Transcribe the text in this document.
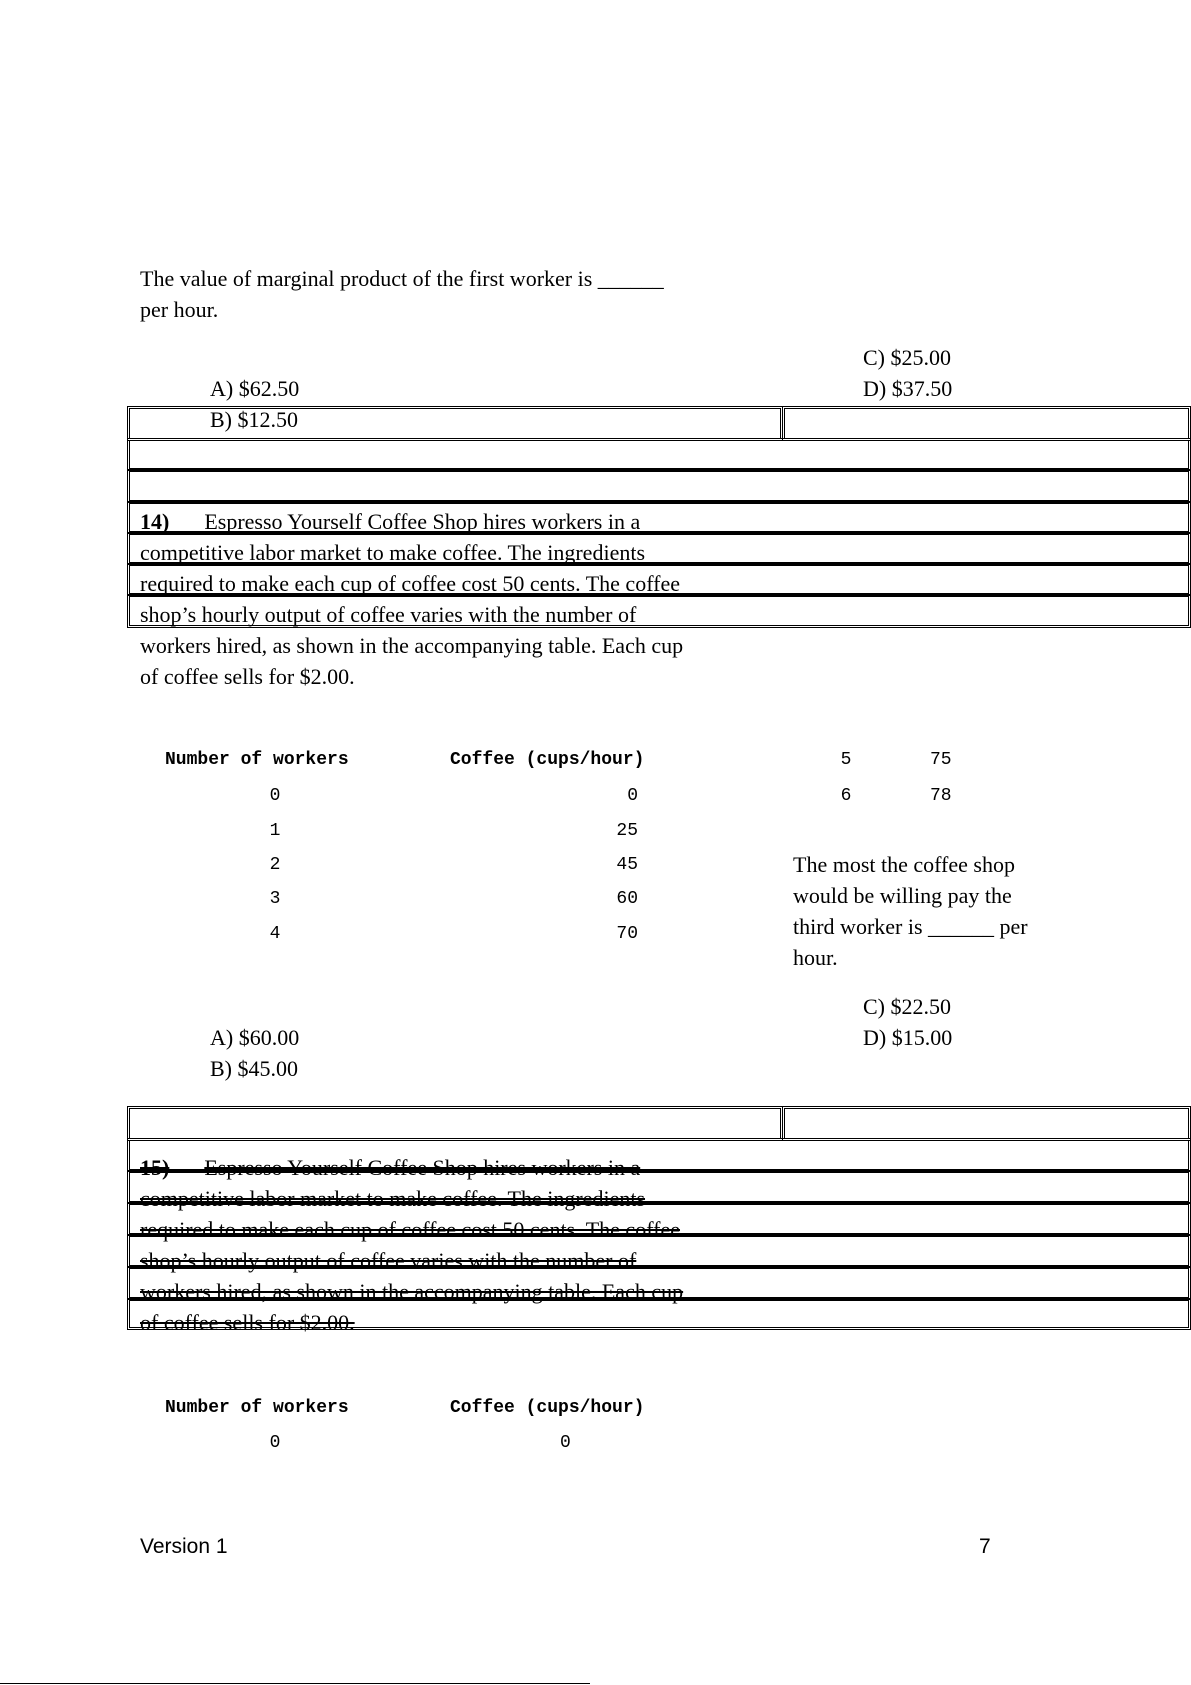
The value of marginal product of the first worker is ______
per hour.
C) $25.00
D) $37.50
A) $62.50
B) $12.50
14) Espresso Yourself Coffee Shop hires workers in a
competitive labor market to make coffee. The ingredients
required to make each cup of coffee cost 50 cents. The coffee
shop’s hourly output of coffee varies with the number of
workers hired, as shown in the accompanying table. Each cup
of coffee sells for $2.00.
Number of workers	Coffee (cups/hour)
0	0
1	25
2	45
3	60
4	70
5	75
6	78
The most the coffee shop
would be willing pay the
third worker is ______ per
hour.
C) $22.50
D) $15.00
A) $60.00
B) $45.00
15) Espresso Yourself Coffee Shop hires workers in a
competitive labor market to make coffee. The ingredients
required to make each cup of coffee cost 50 cents. The coffee
shop’s hourly output of coffee varies with the number of
workers hired, as shown in the accompanying table. Each cup
of coffee sells for $2.00.
Number of workers	Coffee (cups/hour)
0	0
Version 1	7
